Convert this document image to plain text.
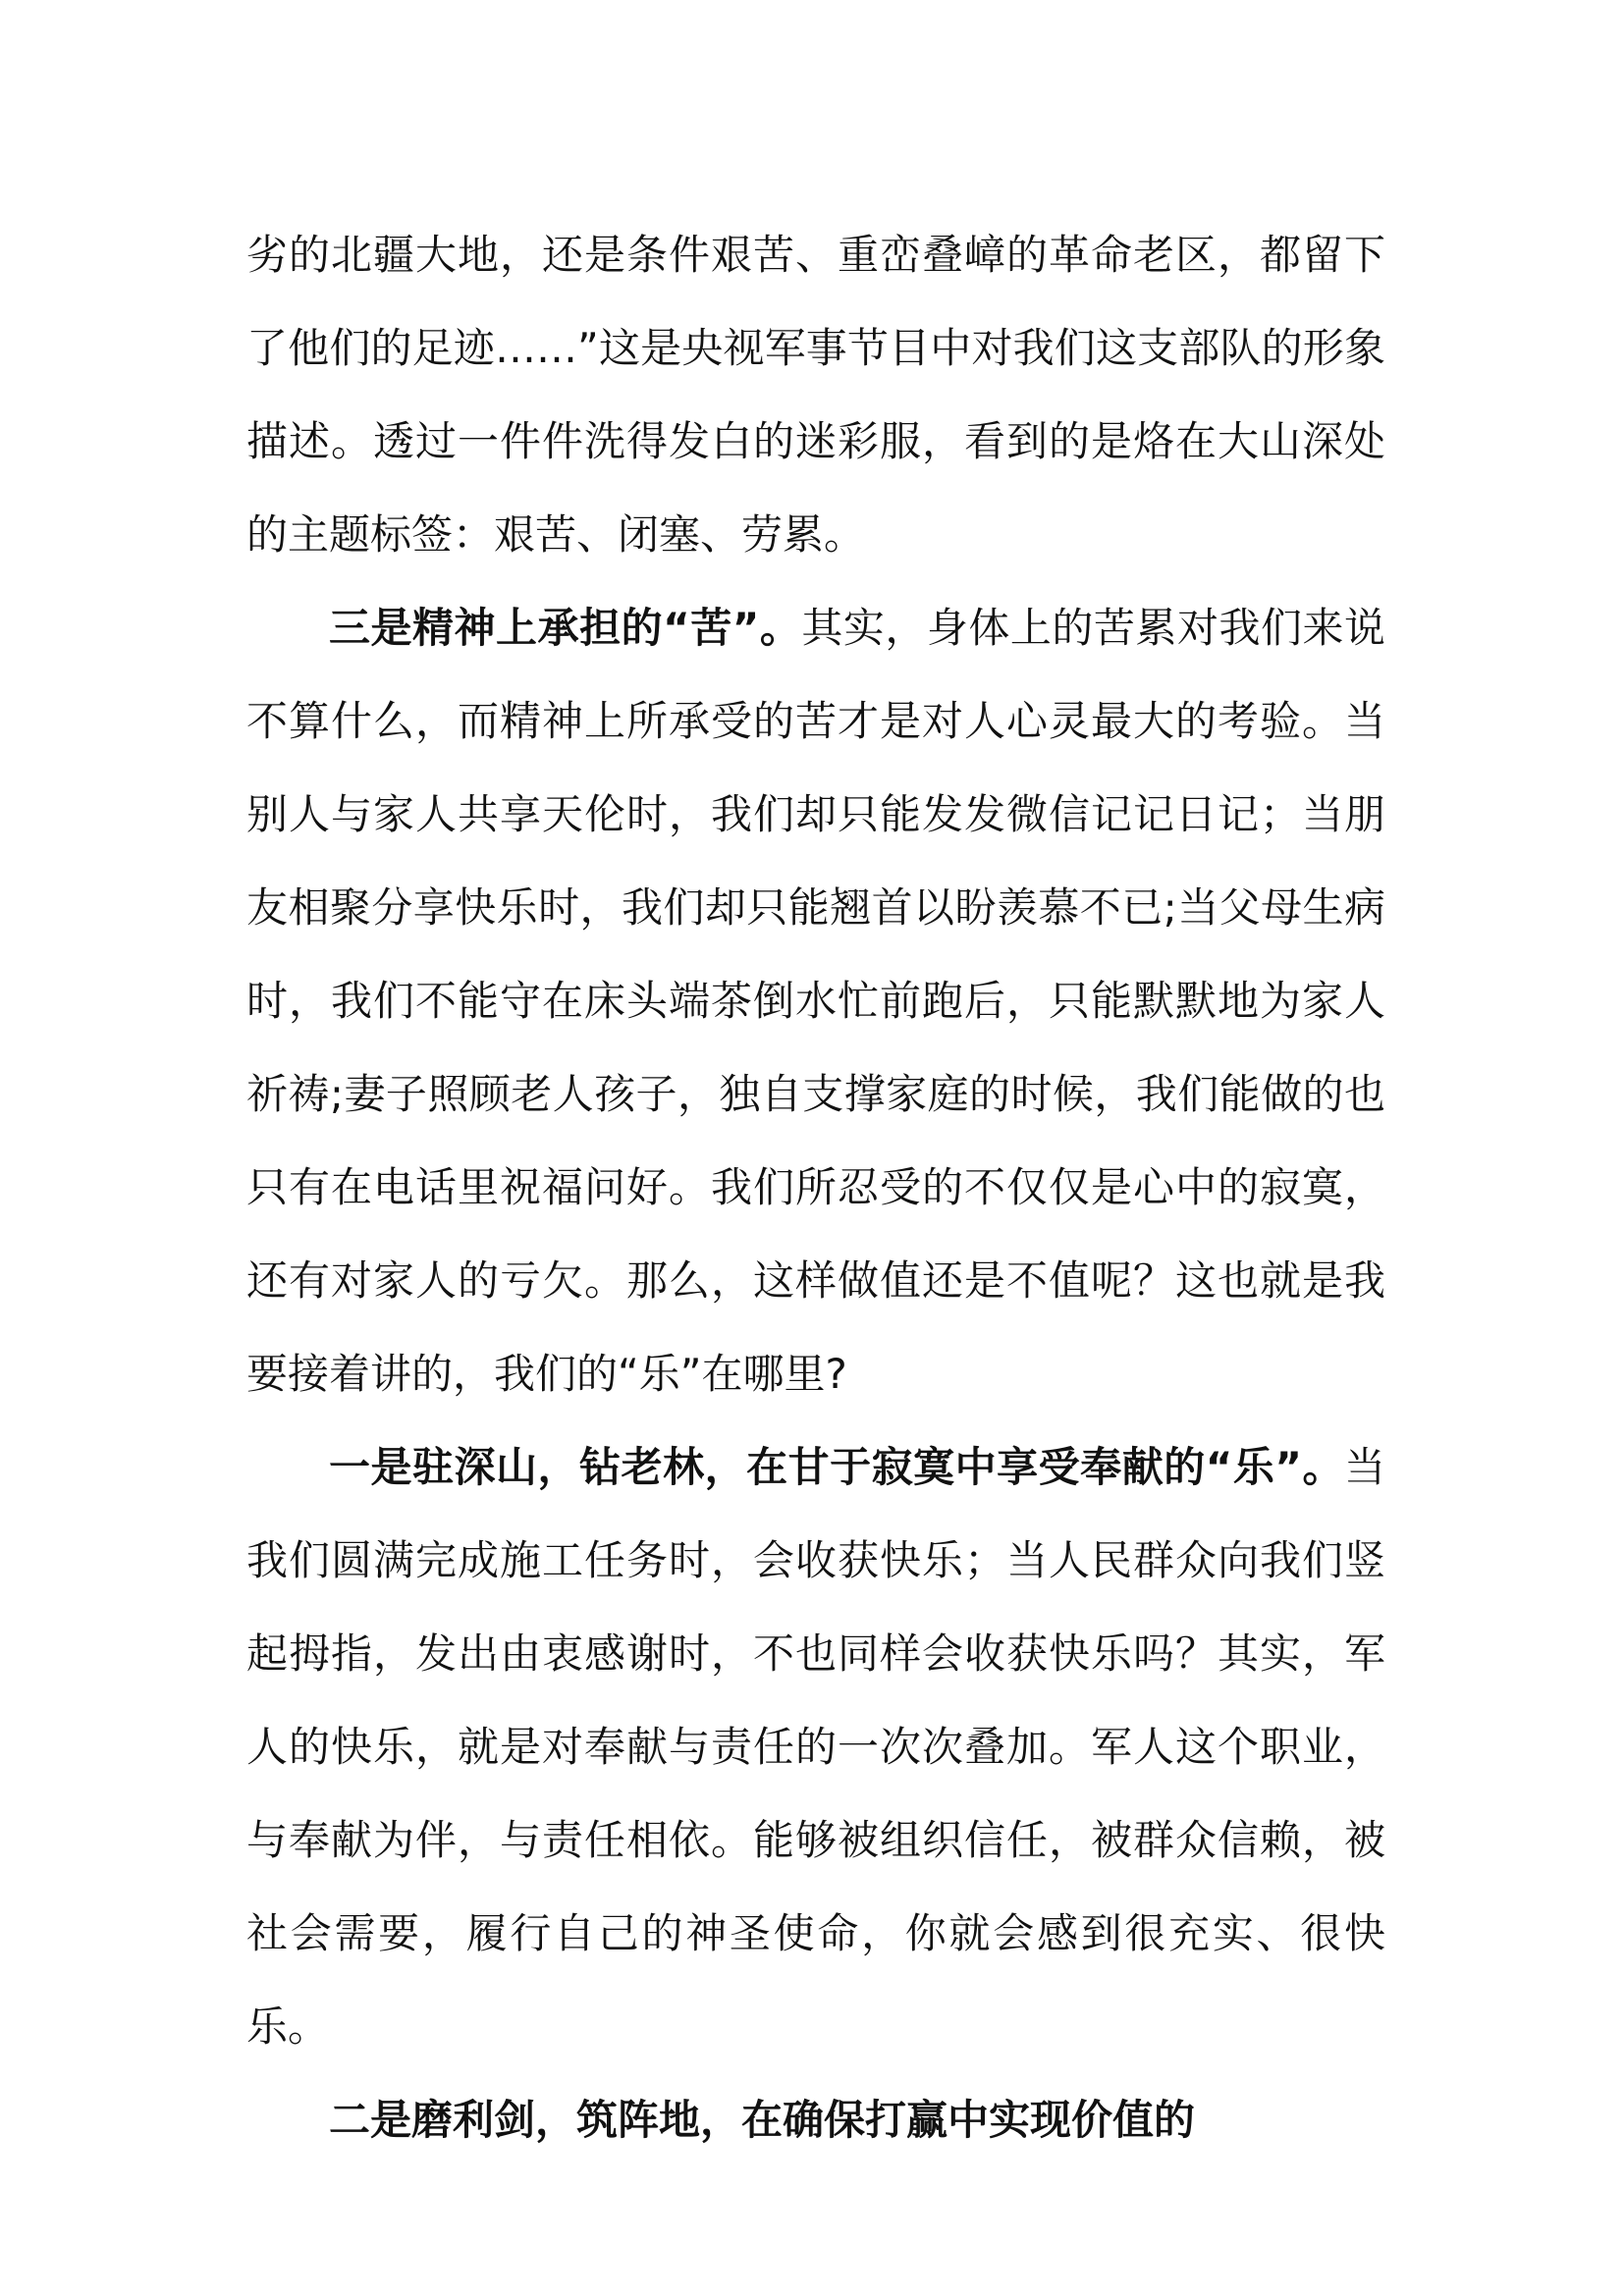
劣的北疆大地，还是条件艰苦、重峦叠嶂的革命老区，都留下了他们的足迹……”这是央视军事节目中对我们这支部队的形象描述。透过一件件洗得发白的迷彩服，看到的是烙在大山深处的主题标签：艰苦、闭塞、劳累。

三是精神上承担的“苦”。其实，身体上的苦累对我们来说不算什么，而精神上所承受的苦才是对人心灵最大的考验。当别人与家人共享天伦时，我们却只能发发微信记记日记；当朋友相聚分享快乐时，我们却只能翘首以盼羡慕不已;当父母生病时，我们不能守在床头端茶倒水忙前跑后，只能默默地为家人祈祷;妻子照顾老人孩子，独自支撑家庭的时候，我们能做的也只有在电话里祝福问好。我们所忍受的不仅仅是心中的寂寞，还有对家人的亏欠。那么，这样做值还是不值呢？这也就是我要接着讲的，我们的“乐”在哪里?

一是驻深山，钻老林，在甘于寂寞中享受奉献的“乐”。当我们圆满完成施工任务时，会收获快乐；当人民群众向我们竖起拇指，发出由衷感谢时，不也同样会收获快乐吗？其实，军人的快乐，就是对奉献与责任的一次次叠加。军人这个职业，与奉献为伴，与责任相依。能够被组织信任，被群众信赖，被社会需要，履行自己的神圣使命，你就会感到很充实、很快乐。

二是磨利剑，筑阵地，在确保打赢中实现价值的
